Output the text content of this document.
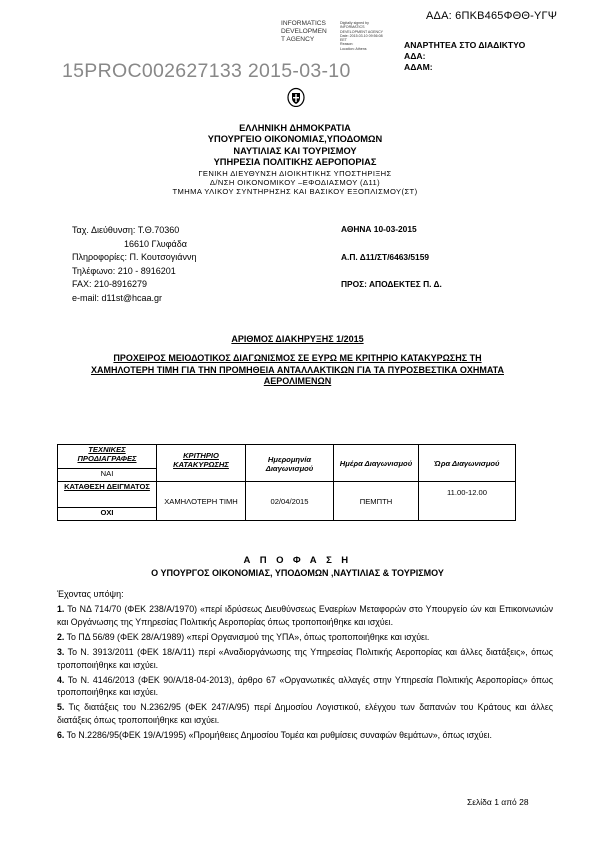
INFORMATICS
DEVELOPMEN
T AGENCY
Digitally signed by
INFORMATICS
DEVELOPMENT AGENCY
Date: 2015.03.10 09:56:08
EET
Reason:
Location: Athens
ΑΔΑ: 6ΠΚΒ465ΦΘΘ-ΥΓΨ
ΑΝΑΡΤΗΤΕΑ ΣΤΟ ΔΙΑΔΙΚΤΥΟ
ΑΔΑ:
ΑΔΑΜ:
15PROC002627133 2015-03-10
ΕΛΛΗΝΙΚΗ ΔΗΜΟΚΡΑΤΙΑ
ΥΠΟΥΡΓΕΙΟ ΟΙΚΟΝΟΜΙΑΣ,ΥΠΟΔΟΜΩΝ
ΝΑΥΤΙΛΙΑΣ ΚΑΙ ΤΟΥΡΙΣΜΟΥ
ΥΠΗΡΕΣΙΑ ΠΟΛΙΤΙΚΗΣ ΑΕΡΟΠΟΡΙΑΣ
ΓΕΝΙΚΗ ΔΙΕΥΘΥΝΣΗ ΔΙΟΙΚΗΤΙΚΗΣ ΥΠΟΣΤΗΡΙΞΗΣ
Δ/ΝΣΗ ΟΙΚΟΝΟΜΙΚΟΥ –ΕΦΟΔΙΑΣΜΟΥ (Δ11)
ΤΜΗΜΑ ΥΛΙΚΟΥ ΣΥΝΤΗΡΗΣΗΣ ΚΑΙ ΒΑΣΙΚΟΥ ΕΞΟΠΛΙΣΜΟΥ(ΣΤ)
Ταχ. Διεύθυνση: Τ.Θ.70360
16610 Γλυφάδα
Πληροφορίες: Π. Κουτσογιάννη
Τηλέφωνο: 210 - 8916201
FAX: 210-8916279
e-mail: d11st@hcaa.gr
ΑΘΗΝΑ 10-03-2015
Α.Π. Δ11/ΣΤ/6463/5159
ΠΡΟΣ: ΑΠΟΔΕΚΤΕΣ Π. Δ.
ΑΡΙΘΜΟΣ ΔΙΑΚΗΡΥΞΗΣ 1/2015
ΠΡΟΧΕΙΡΟΣ ΜΕΙΟΔΟΤΙΚΟΣ ΔΙΑΓΩΝΙΣΜΟΣ ΣΕ ΕΥΡΩ ΜΕ ΚΡΙΤΗΡΙΟ ΚΑΤΑΚΥΡΩΣΗΣ ΤΗ
ΧΑΜΗΛΟΤΕΡΗ ΤΙΜΗ ΓΙΑ ΤΗΝ ΠΡΟΜΗΘΕΙΑ ΑΝΤΑΛΛΑΚΤΙΚΩΝ ΓΙΑ ΤΑ ΠΥΡΟΣΒΕΣΤΙΚΑ ΟΧΗΜΑΤΑ
ΑΕΡΟΛΙΜΕΝΩΝ
ΤΕΧΝΙΚΕΣ ΠΡΟΔΙΑΓΡΑΦΕΣ	ΚΡΙΤΗΡΙΟ ΚΑΤΑΚΥΡΩΣΗΣ	Ημερομηνία Διαγωνισμού	Ημέρα Διαγωνισμού	Ώρα Διαγωνισμού
ΝΑΙ				
ΚΑΤΑΘΕΣΗ ΔΕΙΓΜΑΤΟΣ	ΧΑΜΗΛΟΤΕΡΗ ΤΙΜΗ	02/04/2015	ΠΕΜΠΤΗ	11.00-12.00
ΟΧΙ				
Α Π Ο Φ Α Σ Η
Ο ΥΠΟΥΡΓΟΣ ΟΙΚΟΝΟΜΙΑΣ, ΥΠΟΔΟΜΩΝ ,ΝΑΥΤΙΛΙΑΣ & ΤΟΥΡΙΣΜΟΥ
Έχοντας υπόψη:
1. Το ΝΔ 714/70 (ΦΕΚ 238/Α/1970) «περί ιδρύσεως Διευθύνσεως Εναερίων Μεταφορών στο Υπουργείο ών και Επικοινωνιών και Οργάνωσης της Υπηρεσίας Πολιτικής Αεροπορίας όπως τροποποιήθηκε και ισχύει.
2. Το ΠΔ 56/89 (ΦΕΚ 28/Α/1989) «περί Οργανισμού της ΥΠΑ», όπως τροποποιήθηκε και ισχύει.
3. Το Ν. 3913/2011 (ΦΕΚ 18/Α/11) περί «Αναδιοργάνωσης της Υπηρεσίας Πολιτικής Αεροπορίας και άλλες διατάξεις», όπως τροποποιήθηκε και ισχύει.
4. Το Ν. 4146/2013 (ΦΕΚ 90/Α/18-04-2013), άρθρο 67 «Οργανωτικές αλλαγές στην Υπηρεσία Πολιτικής Αεροπορίας» όπως τροποποιήθηκε και ισχύει.
5. Τις διατάξεις του Ν.2362/95 (ΦΕΚ 247/Α/95) περί Δημοσίου Λογιστικού, ελέγχου των δαπανών του Κράτους και άλλες διατάξεις όπως τροποποιήθηκε και ισχύει.
6. Το Ν.2286/95(ΦΕΚ 19/Α/1995) «Προμήθειες Δημοσίου Τομέα και ρυθμίσεις συναφών θεμάτων», όπως ισχύει.
Σελίδα 1 από 28
